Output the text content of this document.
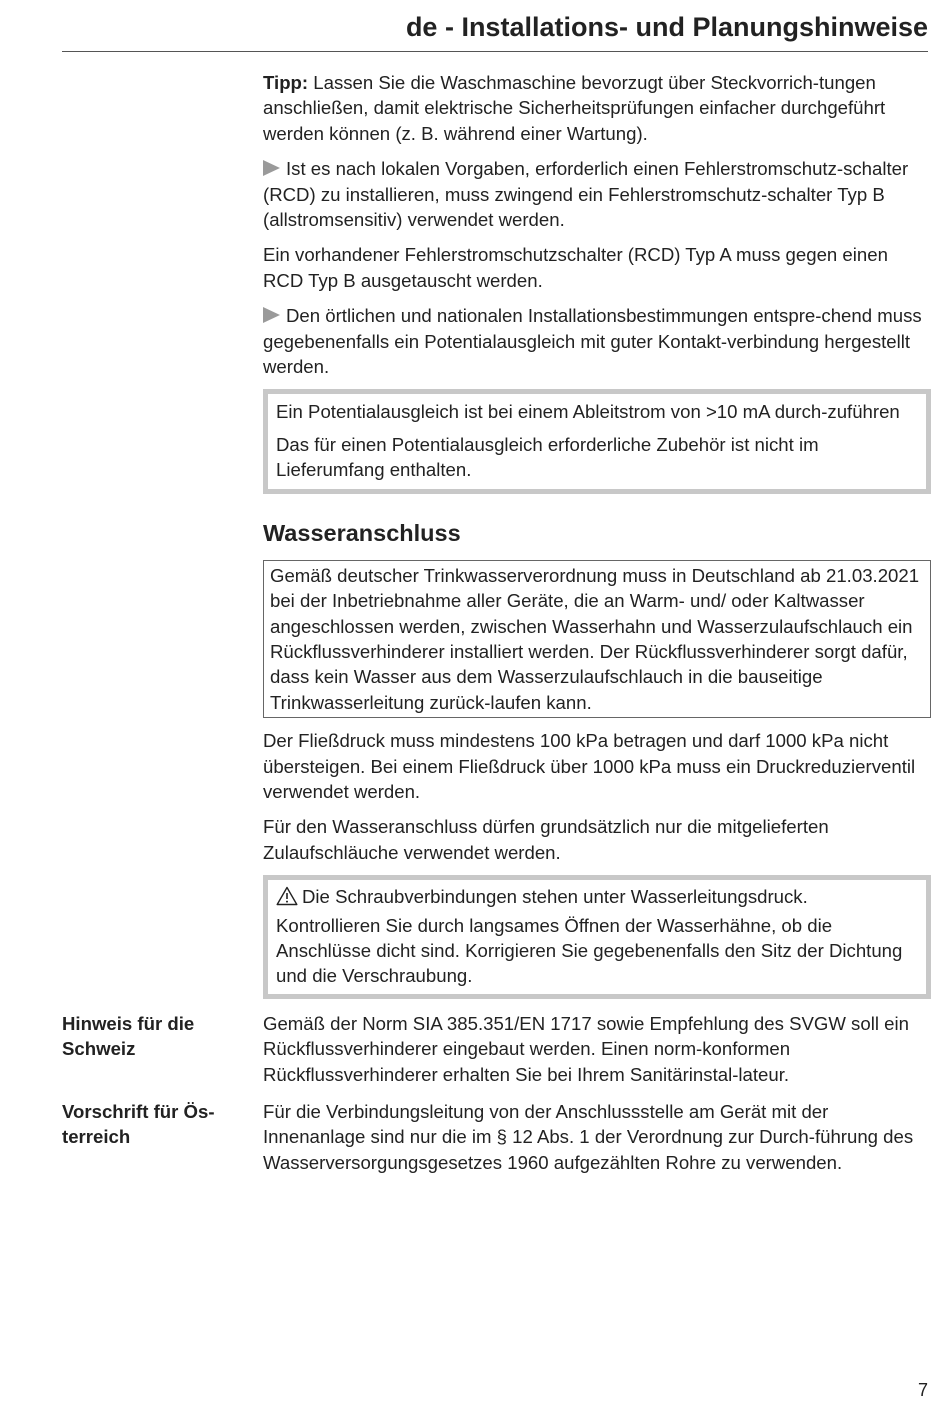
de - Installations- und Planungshinweise

Tipp: Lassen Sie die Waschmaschine bevorzugt über Steckvorrich-tungen anschließen, damit elektrische Sicherheitsprüfungen einfacher durchgeführt werden können (z. B. während einer Wartung).

Ist es nach lokalen Vorgaben, erforderlich einen Fehlerstromschutz-schalter (RCD) zu installieren, muss zwingend ein Fehlerstromschutz-schalter Typ B (allstromsensitiv) verwendet werden.

Ein vorhandener Fehlerstromschutzschalter (RCD) Typ A muss gegen einen RCD Typ B ausgetauscht werden.

Den örtlichen und nationalen Installationsbestimmungen entspre-chend muss gegebenenfalls ein Potentialausgleich mit guter Kontakt-verbindung hergestellt werden.

Ein Potentialausgleich ist bei einem Ableitstrom von >10 mA durch-zuführen

Das für einen Potentialausgleich erforderliche Zubehör ist nicht im Lieferumfang enthalten.

Wasseranschluss
Gemäß deutscher Trinkwasserverordnung muss in Deutschland ab 21.03.2021 bei der Inbetriebnahme aller Geräte, die an Warm- und/ oder Kaltwasser angeschlossen werden, zwischen Wasserhahn und Wasserzulaufschlauch ein Rückflussverhinderer installiert werden. Der Rückflussverhinderer sorgt dafür, dass kein Wasser aus dem Wasserzulaufschlauch in die bauseitige Trinkwasserleitung zurück-laufen kann.

Der Fließdruck muss mindestens 100 kPa betragen und darf 1000 kPa nicht übersteigen. Bei einem Fließdruck über 1000 kPa muss ein Druckreduzierventil verwendet werden.

Für den Wasseranschluss dürfen grundsätzlich nur die mitgelieferten Zulaufschläuche verwendet werden.

Die Schraubverbindungen stehen unter Wasserleitungsdruck. Kontrollieren Sie durch langsames Öffnen der Wasserhähne, ob die Anschlüsse dicht sind. Korrigieren Sie gegebenenfalls den Sitz der Dichtung und die Verschraubung.
Hinweis für die Schweiz
Gemäß der Norm SIA 385.351/EN 1717 sowie Empfehlung des SVGW soll ein Rückflussverhinderer eingebaut werden. Einen norm-konformen Rückflussverhinderer erhalten Sie bei Ihrem Sanitärinstal-lateur.
Vorschrift für Ös-terreich
Für die Verbindungsleitung von der Anschlussstelle am Gerät mit der Innenanlage sind nur die im § 12 Abs. 1 der Verordnung zur Durch-führung des Wasserversorgungsgesetzes 1960 aufgezählten Rohre zu verwenden.
7
